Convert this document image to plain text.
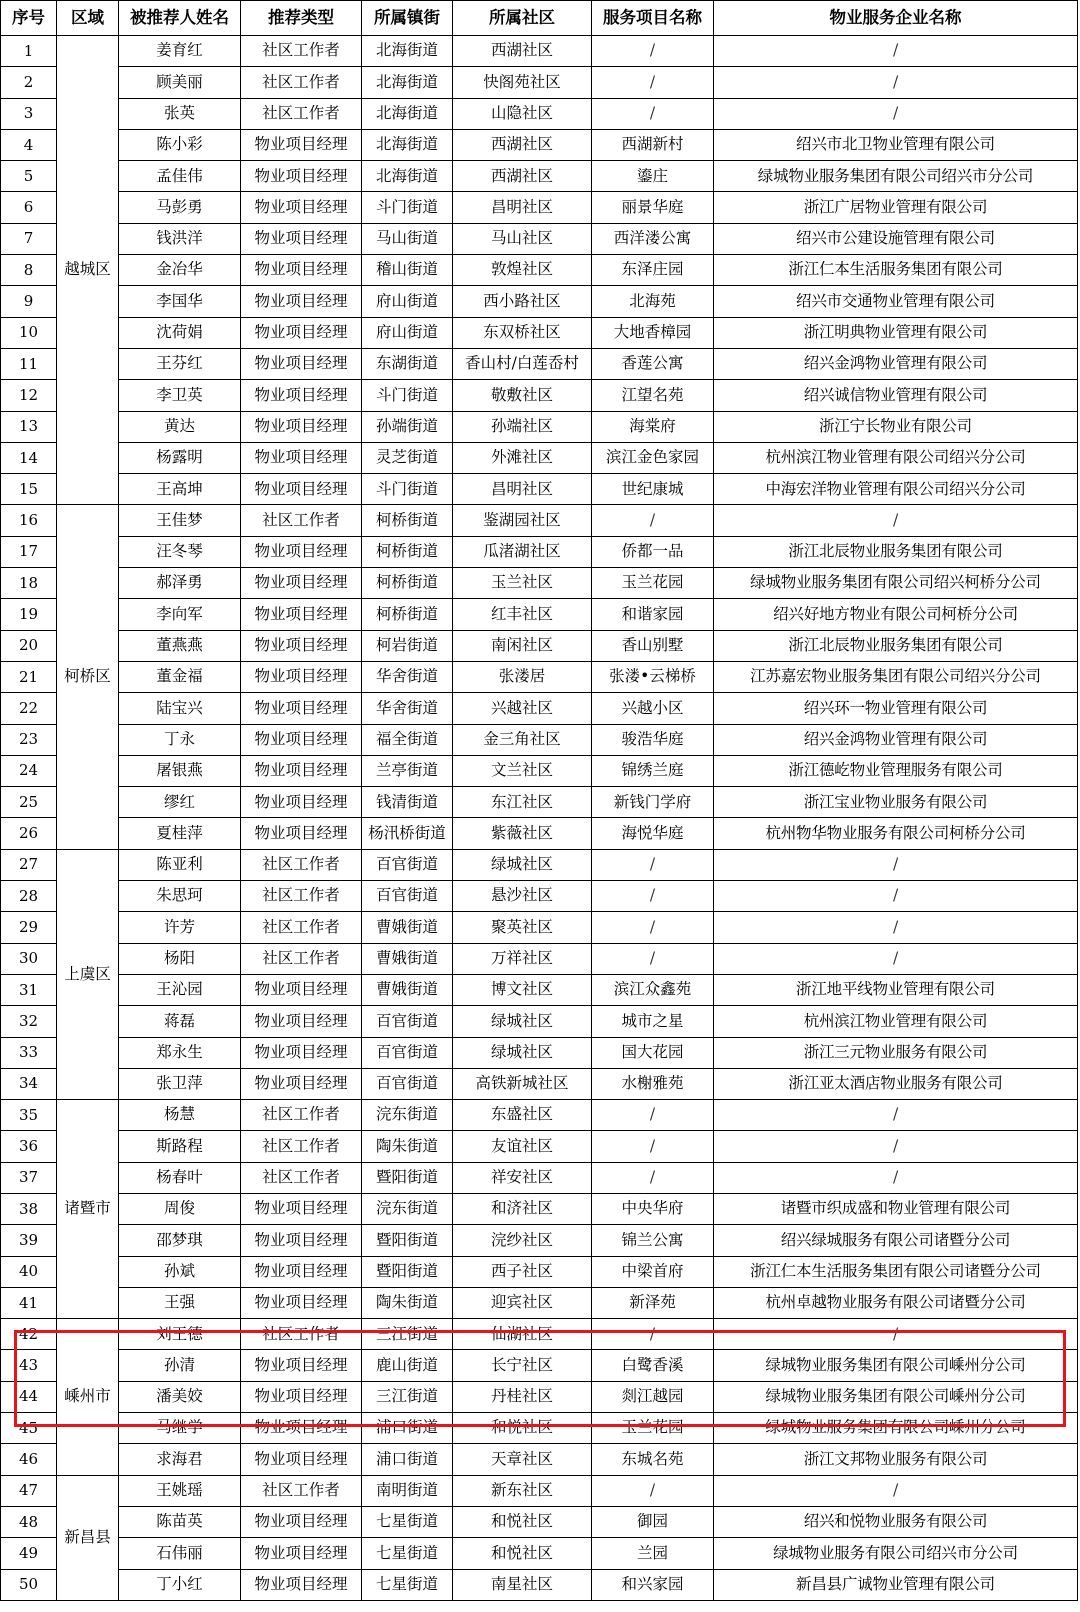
序号	区域	被推荐人姓名	推荐类型	所属镇街	所属社区	服务项目名称	物业服务企业名称
1	越城区	姜育红	社区工作者	北海街道	西湖社区	/	/
2		顾美丽	社区工作者	北海街道	快阁苑社区	/	/
3		张英	社区工作者	北海街道	山隐社区	/	/
4		陈小彩	物业项目经理	北海街道	西湖社区	西湖新村	绍兴市北卫物业管理有限公司
5		孟佳伟	物业项目经理	北海街道	西湖社区	鎏庄	绿城物业服务集团有限公司绍兴市分公司
6		马彭勇	物业项目经理	斗门街道	昌明社区	丽景华庭	浙江广居物业管理有限公司
7		钱洪洋	物业项目经理	马山街道	马山社区	西洋溇公寓	绍兴市公建设施管理有限公司
8		金冶华	物业项目经理	稽山街道	敦煌社区	东泽庄园	浙江仁本生活服务集团有限公司
9		李国华	物业项目经理	府山街道	西小路社区	北海苑	绍兴市交通物业管理有限公司
10		沈荷娟	物业项目经理	府山街道	东双桥社区	大地香樟园	浙江明典物业管理有限公司
11		王芬红	物业项目经理	东湖街道	香山村/白莲岙村	香莲公寓	绍兴金鸿物业管理有限公司
12		李卫英	物业项目经理	斗门街道	敬敷社区	江望名苑	绍兴诚信物业管理有限公司
13		黄达	物业项目经理	孙端街道	孙端社区	海棠府	浙江宁长物业有限公司
14		杨露明	物业项目经理	灵芝街道	外滩社区	滨江金色家园	杭州滨江物业管理有限公司绍兴分公司
15		王高坤	物业项目经理	斗门街道	昌明社区	世纪康城	中海宏洋物业管理有限公司绍兴分公司
16	柯桥区	王佳梦	社区工作者	柯桥街道	鉴湖园社区	/	/
17		汪冬琴	物业项目经理	柯桥街道	瓜渚湖社区	侨都一品	浙江北辰物业服务集团有限公司
18		郝泽勇	物业项目经理	柯桥街道	玉兰社区	玉兰花园	绿城物业服务集团有限公司绍兴柯桥分公司
19		李向军	物业项目经理	柯桥街道	红丰社区	和谐家园	绍兴好地方物业有限公司柯桥分公司
20		董燕燕	物业项目经理	柯岩街道	南闲社区	香山别墅	浙江北辰物业服务集团有限公司
21		董金福	物业项目经理	华舍街道	张溇居	张溇•云梯桥	江苏嘉宏物业服务集团有限公司绍兴分公司
22		陆宝兴	物业项目经理	华舍街道	兴越社区	兴越小区	绍兴环一物业管理有限公司
23		丁永	物业项目经理	福全街道	金三角社区	骏浩华庭	绍兴金鸿物业管理有限公司
24		屠银燕	物业项目经理	兰亭街道	文兰社区	锦绣兰庭	浙江德屹物业管理服务有限公司
25		缪红	物业项目经理	钱清街道	东江社区	新钱门学府	浙江宝业物业服务有限公司
26		夏桂萍	物业项目经理	杨汛桥街道	紫薇社区	海悦华庭	杭州物华物业服务有限公司柯桥分公司
27	上虞区	陈亚利	社区工作者	百官街道	绿城社区	/	/
28		朱思珂	社区工作者	百官街道	悬沙社区	/	/
29		许芳	社区工作者	曹娥街道	聚英社区	/	/
30		杨阳	社区工作者	曹娥街道	万祥社区	/	/
31		王沁园	物业项目经理	曹娥街道	博文社区	滨江众鑫苑	浙江地平线物业管理有限公司
32		蒋磊	物业项目经理	百官街道	绿城社区	城市之星	杭州滨江物业管理有限公司
33		郑永生	物业项目经理	百官街道	绿城社区	国大花园	浙江三元物业服务有限公司
34		张卫萍	物业项目经理	百官街道	高铁新城社区	水榭雅苑	浙江亚太酒店物业服务有限公司
35	诸暨市	杨慧	社区工作者	浣东街道	东盛社区	/	/
36		斯路程	社区工作者	陶朱街道	友谊社区	/	/
37		杨春叶	社区工作者	暨阳街道	祥安社区	/	/
38		周俊	物业项目经理	浣东街道	和济社区	中央华府	诸暨市织成盛和物业管理有限公司
39		邵梦琪	物业项目经理	暨阳街道	浣纱社区	锦兰公寓	绍兴绿城服务有限公司诸暨分公司
40		孙斌	物业项目经理	暨阳街道	西子社区	中梁首府	浙江仁本生活服务集团有限公司诸暨分公司
41		王强	物业项目经理	陶朱街道	迎宾社区	新泽苑	杭州卓越物业服务有限公司诸暨分公司
42	嵊州市	刘王德	社区工作者	三江街道	仙湖社区	/	/
43		孙清	物业项目经理	鹿山街道	长宁社区	白鹭香溪	绿城物业服务集团有限公司嵊州分公司
44		潘美姣	物业项目经理	三江街道	丹桂社区	剡江越园	绿城物业服务集团有限公司嵊州分公司
45		马继学	物业项目经理	浦口街道	和悦社区	玉兰花园	绿城物业服务集团有限公司嵊州分公司
46		求海君	物业项目经理	浦口街道	天章社区	东城名苑	浙江文邦物业服务有限公司
47	新昌县	王姚瑶	社区工作者	南明街道	新东社区	/	/
48		陈苗英	物业项目经理	七星街道	和悦社区	御园	绍兴和悦物业服务有限公司
49		石伟丽	物业项目经理	七星街道	和悦社区	兰园	绿城物业服务有限公司绍兴市分公司
50		丁小红	物业项目经理	七星街道	南星社区	和兴家园	新昌县广诚物业管理有限公司
